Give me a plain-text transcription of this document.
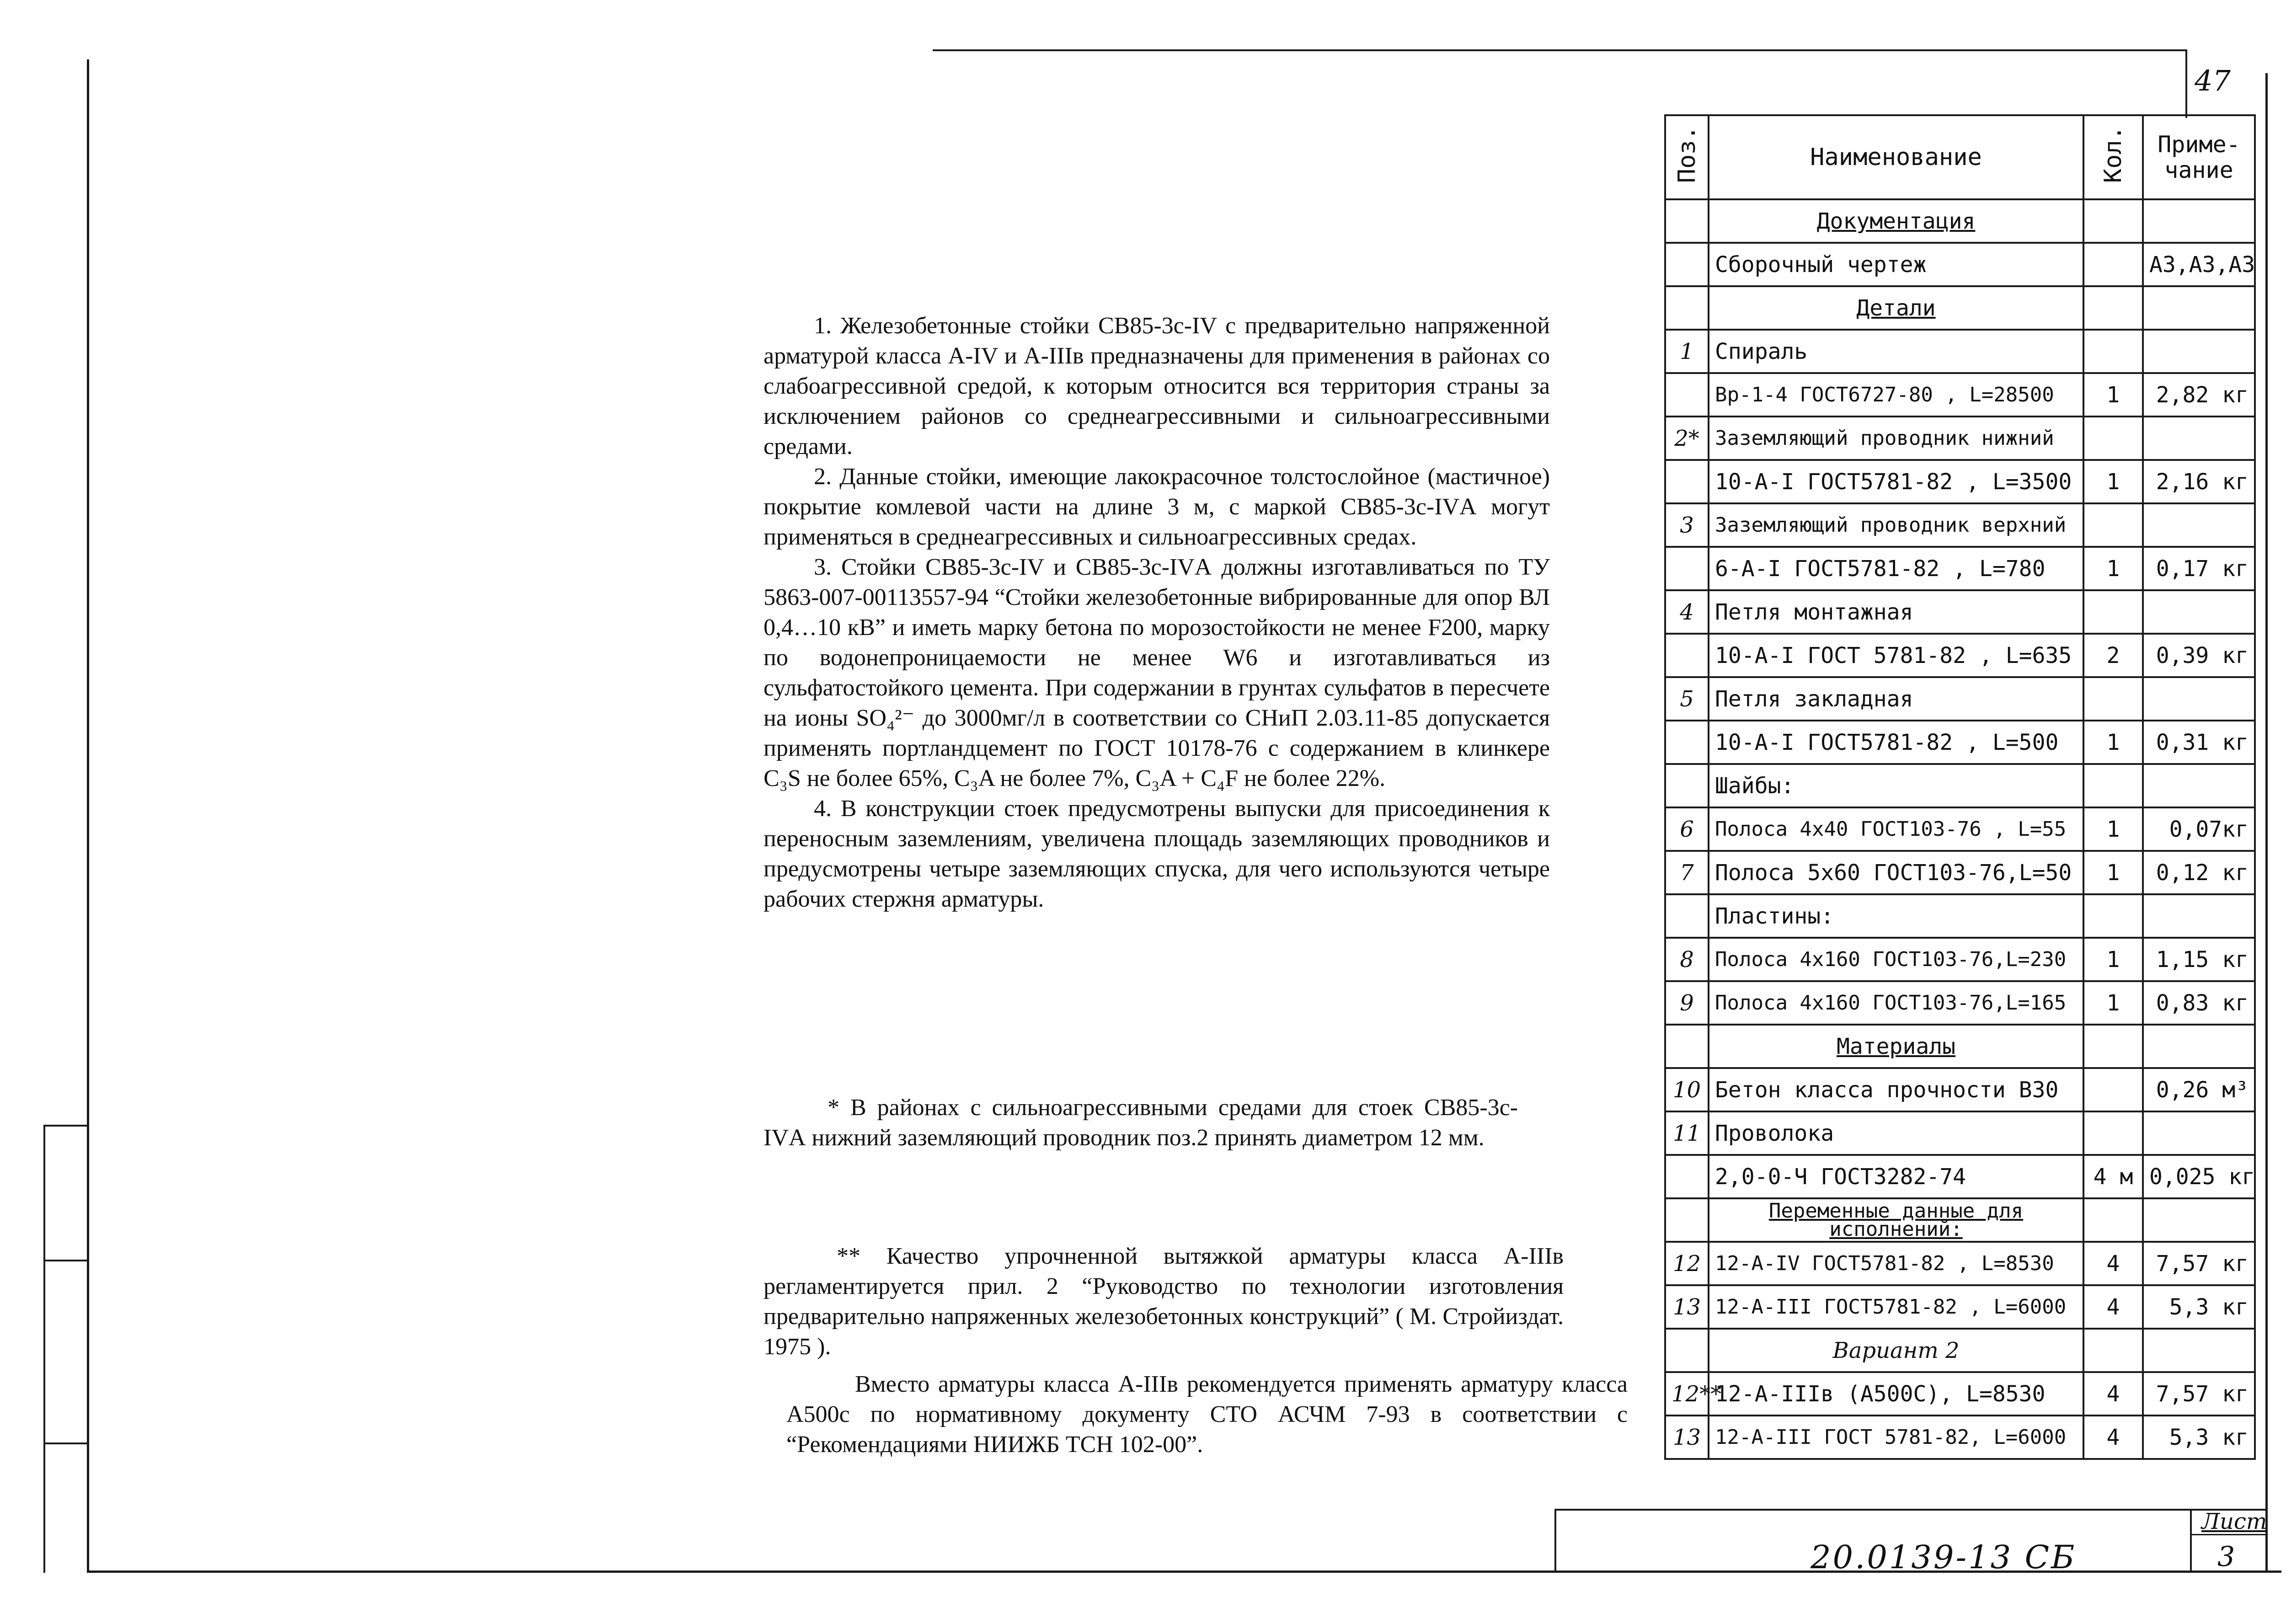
47

1. Железобетонные стойки СВ85-3с-IV с предварительно напряженной арматурой класса А-IV и А-IIIв предназначены для применения в районах со слабоагрессивной средой, к которым относится вся территория страны за исключением районов со среднеагрессивными и сильноагрессивными средами.

2. Данные стойки, имеющие лакокрасочное толстослойное (мастичное) покрытие комлевой части на длине 3 м, с маркой СВ85-3с-IVА могут применяться в среднеагрессивных и сильноагрессивных средах.

3. Стойки СВ85-3с-IV и СВ85-3с-IVА должны изготавливаться по ТУ 5863-007-00113557-94 “Стойки железобетонные вибрированные для опор ВЛ 0,4…10 кВ” и иметь марку бетона по морозостойкости не менее F200, марку по водонепроницаемости не менее W6 и изготавливаться из сульфатостойкого цемента. При содержании в грунтах сульфатов в пересчете на ионы SO₄²⁻ до 3000мг/л в соответствии со СНиП 2.03.11-85 допускается применять портландцемент по ГОСТ 10178-76 с содержанием в клинкере C₃S не более 65%, C₃A не более 7%, C₃A + C₄F не более 22%.

4. В конструкции стоек предусмотрены выпуски для присоединения к переносным заземлениям, увеличена площадь заземляющих проводников и предусмотрены четыре заземляющих спуска, для чего используются четыре рабочих стержня арматуры.

* В районах с сильноагрессивными средами для стоек СВ85-3с-IVА нижний заземляющий проводник поз.2 принять диаметром 12 мм.

** Качество упрочненной вытяжкой арматуры класса А-IIIв регламентируется прил. 2 “Руководство по технологии изготовления предварительно напряженных железобетонных конструкций” ( М. Стройиздат. 1975 ).

Вместо арматуры класса А-IIIв рекомендуется применять арматуру класса А500с по нормативному документу СТО АСЧМ 7-93 в соответствии с “Рекомендациями НИИЖБ ТСН 102-00”.

Поз.	Наименование	Кол.	Приме-чание
	Документация		
	Сборочный чертеж		А3,А3,А3
	Детали		
1	Спираль		
	Вр-1-4 ГОСТ6727-80 , L=28500	1	2,82 кг
2*	Заземляющий проводник нижний		
	10-А-I ГОСТ5781-82 , L=3500	1	2,16 кг
3	Заземляющий проводник верхний		
	6-А-I ГОСТ5781-82 , L=780	1	0,17 кг
4	Петля монтажная		
	10-А-I ГОСТ 5781-82 , L=635	2	0,39 кг
5	Петля закладная		
	10-А-I ГОСТ5781-82 , L=500	1	0,31 кг
	Шайбы:		
6	Полоса 4х40 ГОСТ103-76 , L=55	1	0,07кг
7	Полоса 5х60 ГОСТ103-76,L=50	1	0,12 кг
	Пластины:		
8	Полоса 4х160 ГОСТ103-76,L=230	1	1,15 кг
9	Полоса 4х160 ГОСТ103-76,L=165	1	0,83 кг
	Материалы		
10	Бетон класса прочности В30		0,26 м³
11	Проволока		
	2,0-0-Ч ГОСТ3282-74	4 м	0,025 кг
	Переменные данные для исполнений:		
12	12-А-IV ГОСТ5781-82 , L=8530	4	7,57 кг
13	12-А-III ГОСТ5781-82 , L=6000	4	5,3 кг
	Вариант 2		
12**	12-А-IIIв (А500С), L=8530	4	7,57 кг
13	12-А-III ГОСТ 5781-82, L=6000	4	5,3 кг
Лист
3
20.0139-13 СБ
